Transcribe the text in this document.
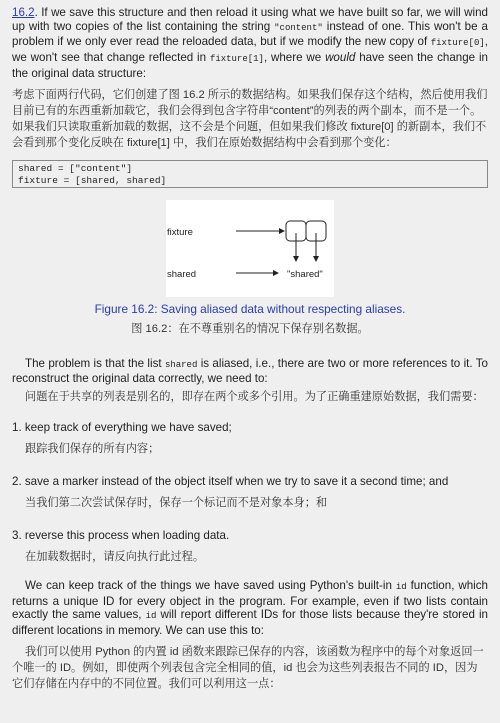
16.2. If we save this structure and then reload it using what we have built so far, we will wind up with two copies of the list containing the string "content" instead of one. This won't be a problem if we only ever read the reloaded data, but if we modify the new copy of fixture[0], we won't see that change reflected in fixture[1], where we would have seen the change in the original data structure:

考虑下面两行代码，它们创建了图 16.2 所示的数据结构。如果我们保存这个结构，然后使用我们目前已有的东西重新加载它，我们会得到包含字符串“content”的列表的两个副本，而不是一个。如果我们只读取重新加载的数据，这不会是个问题，但如果我们修改 fixture[0] 的新副本，我们不会看到那个变化反映在 fixture[1] 中，我们在原始数据结构中会看到那个变化：

shared = ["content"]
fixture = [shared, shared]
fixture
shared	"shared"

Figure 16.2: Saving aliased data without respecting aliases.

图 16.2：在不尊重别名的情况下保存别名数据。

The problem is that the list shared is aliased, i.e., there are two or more references to it. To reconstruct the original data correctly, we need to:

问题在于共享的列表是别名的，即存在两个或多个引用。为了正确重建原始数据，我们需要：

1. keep track of everything we have saved;

跟踪我们保存的所有内容；

2. save a marker instead of the object itself when we try to save it a second time; and

当我们第二次尝试保存时，保存一个标记而不是对象本身；和

3. reverse this process when loading data.

在加载数据时，请反向执行此过程。

We can keep track of the things we have saved using Python's built-in id function, which returns a unique ID for every object in the program. For example, even if two lists contain exactly the same values, id will report different IDs for those lists because they're stored in different locations in memory. We can use this to:

我们可以使用 Python 的内置 id 函数来跟踪已保存的内容，该函数为程序中的每个对象返回一个唯一的 ID。例如，即使两个列表包含完全相同的值，id 也会为这些列表报告不同的 ID，因为它们存储在内存中的不同位置。我们可以利用这一点：
